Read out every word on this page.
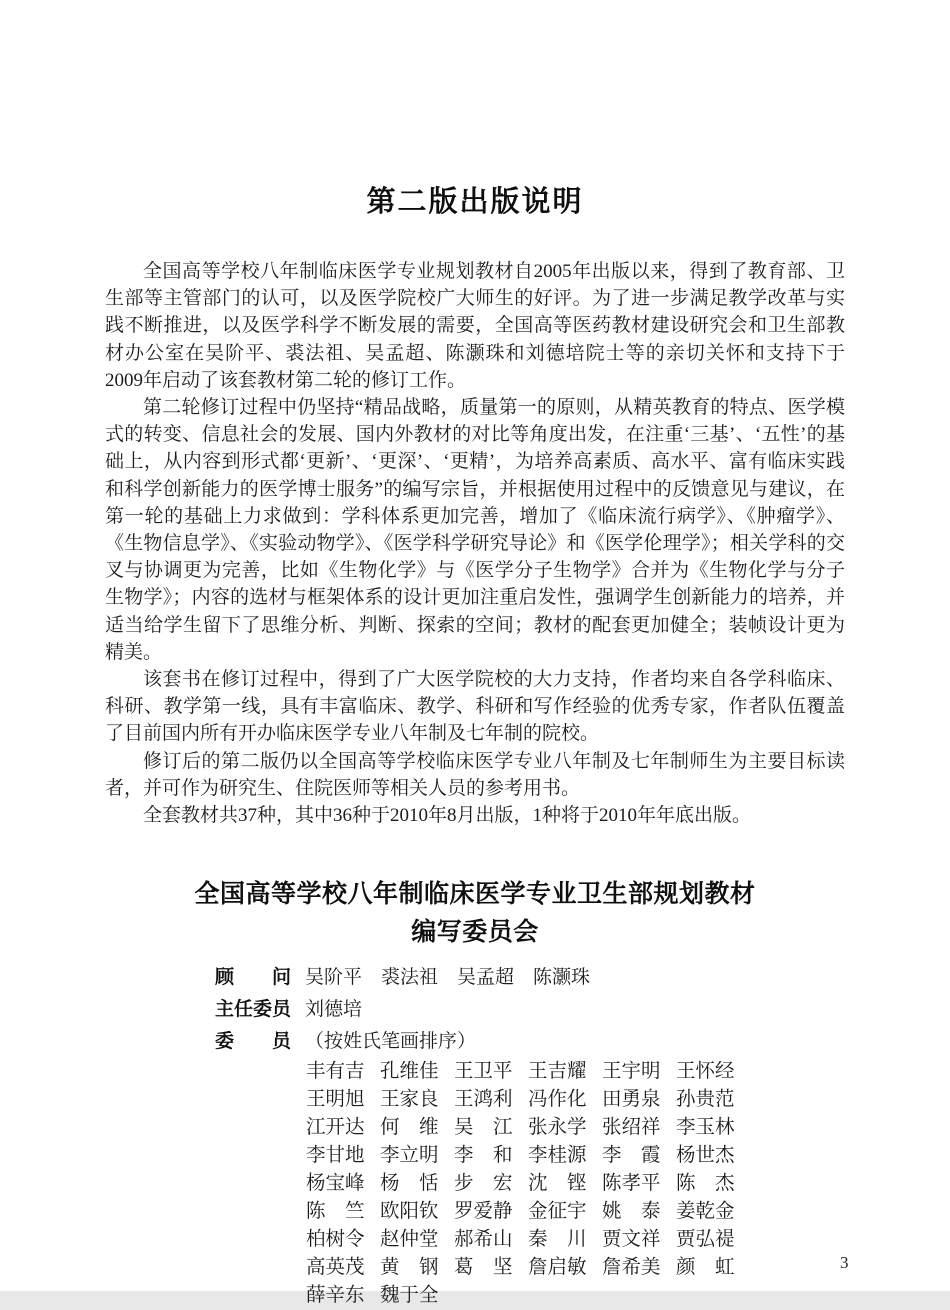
第二版出版说明

全国高等学校八年制临床医学专业规划教材自2005年出版以来，得到了教育部、卫生部等主管部门的认可，以及医学院校广大师生的好评。为了进一步满足教学改革与实践不断推进，以及医学科学不断发展的需要，全国高等医药教材建设研究会和卫生部教材办公室在吴阶平、裘法祖、吴孟超、陈灏珠和刘德培院士等的亲切关怀和支持下于2009年启动了该套教材第二轮的修订工作。

第二轮修订过程中仍坚持“精品战略，质量第一的原则，从精英教育的特点、医学模式的转变、信息社会的发展、国内外教材的对比等角度出发，在注重‘三基’、‘五性’的基础上，从内容到形式都‘更新’、‘更深’、‘更精’，为培养高素质、高水平、富有临床实践和科学创新能力的医学博士服务”的编写宗旨，并根据使用过程中的反馈意见与建议，在第一轮的基础上力求做到：学科体系更加完善，增加了《临床流行病学》、《肿瘤学》、《生物信息学》、《实验动物学》、《医学科学研究导论》和《医学伦理学》；相关学科的交叉与协调更为完善，比如《生物化学》与《医学分子生物学》合并为《生物化学与分子生物学》；内容的选材与框架体系的设计更加注重启发性，强调学生创新能力的培养，并适当给学生留下了思维分析、判断、探索的空间；教材的配套更加健全；装帧设计更为精美。

该套书在修订过程中，得到了广大医学院校的大力支持，作者均来自各学科临床、科研、教学第一线，具有丰富临床、教学、科研和写作经验的优秀专家，作者队伍覆盖了目前国内所有开办临床医学专业八年制及七年制的院校。

修订后的第二版仍以全国高等学校临床医学专业八年制及七年制师生为主要目标读者，并可作为研究生、住院医师等相关人员的参考用书。

全套教材共37种，其中36种于2010年8月出版，1种将于2010年年底出版。

全国高等学校八年制临床医学专业卫生部规划教材
编写委员会
顾　　问 吴阶平　裘法祖　吴孟超　陈灏珠
主任委员 刘德培
委　　员 （按姓氏笔画排序）
丰有吉 孔维佳 王卫平 王吉耀 王宇明 王怀经
王明旭 王家良 王鸿利 冯作化 田勇泉 孙贵范
江开达 何　维 吴　江 张永学 张绍祥 李玉林
李甘地 李立明 李　和 李桂源 李　霞 杨世杰
杨宝峰 杨　恬 步　宏 沈　铿 陈孝平 陈　杰
陈　竺 欧阳钦 罗爱静 金征宇 姚　泰 姜乾金
柏树令 赵仲堂 郝希山 秦　川 贾文祥 贾弘禔
高英茂 黄　钢 葛　坚 詹启敏 詹希美 颜　虹
薛辛东 魏于全
3
